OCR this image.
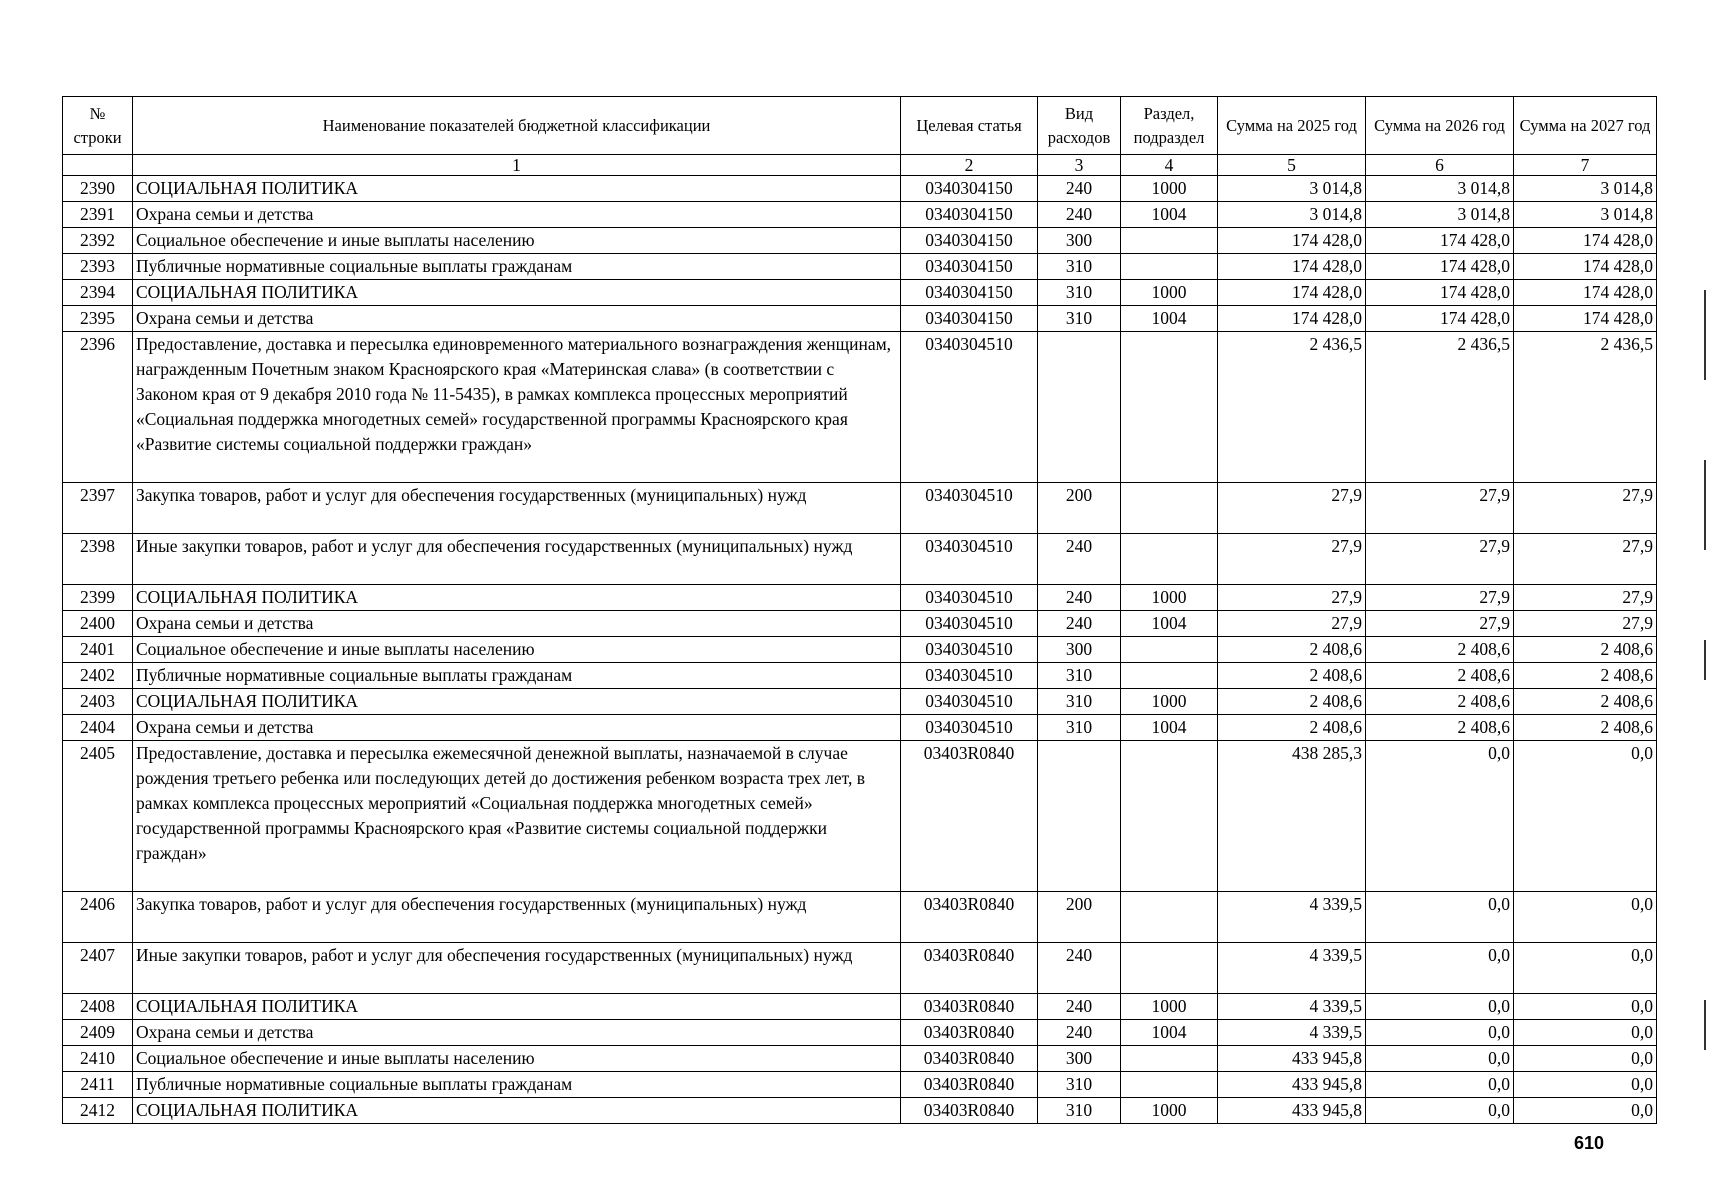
№ строки	Наименование показателей бюджетной классификации	Целевая статья	Вид расходов	Раздел, подраздел	Сумма на 2025 год	Сумма на 2026 год	Сумма на 2027 год
	1	2	3	4	5	6	7
2390	СОЦИАЛЬНАЯ ПОЛИТИКА	0340304150	240	1000	3 014,8	3 014,8	3 014,8
2391	Охрана семьи и детства	0340304150	240	1004	3 014,8	3 014,8	3 014,8
2392	Социальное обеспечение и иные выплаты населению	0340304150	300		174 428,0	174 428,0	174 428,0
2393	Публичные нормативные социальные выплаты гражданам	0340304150	310		174 428,0	174 428,0	174 428,0
2394	СОЦИАЛЬНАЯ ПОЛИТИКА	0340304150	310	1000	174 428,0	174 428,0	174 428,0
2395	Охрана семьи и детства	0340304150	310	1004	174 428,0	174 428,0	174 428,0
2396	Предоставление, доставка и пересылка единовременного материального вознаграждения женщинам, награжденным Почетным знаком Красноярского края «Материнская слава» (в соответствии с Законом края от 9 декабря 2010 года № 11-5435), в рамках комплекса процессных мероприятий «Социальная поддержка многодетных семей» государственной программы Красноярского края «Развитие системы социальной поддержки граждан»	0340304510			2 436,5	2 436,5	2 436,5
2397	Закупка товаров, работ и услуг для обеспечения государственных (муниципальных) нужд	0340304510	200		27,9	27,9	27,9
2398	Иные закупки товаров, работ и услуг для обеспечения государственных (муниципальных) нужд	0340304510	240		27,9	27,9	27,9
2399	СОЦИАЛЬНАЯ ПОЛИТИКА	0340304510	240	1000	27,9	27,9	27,9
2400	Охрана семьи и детства	0340304510	240	1004	27,9	27,9	27,9
2401	Социальное обеспечение и иные выплаты населению	0340304510	300		2 408,6	2 408,6	2 408,6
2402	Публичные нормативные социальные выплаты гражданам	0340304510	310		2 408,6	2 408,6	2 408,6
2403	СОЦИАЛЬНАЯ ПОЛИТИКА	0340304510	310	1000	2 408,6	2 408,6	2 408,6
2404	Охрана семьи и детства	0340304510	310	1004	2 408,6	2 408,6	2 408,6
2405	Предоставление, доставка и пересылка ежемесячной денежной выплаты, назначаемой в случае рождения третьего ребенка или последующих детей до достижения ребенком возраста трех лет, в рамках комплекса процессных мероприятий «Социальная поддержка многодетных семей» государственной программы Красноярского края «Развитие системы социальной поддержки граждан»	03403R0840			438 285,3	0,0	0,0
2406	Закупка товаров, работ и услуг для обеспечения государственных (муниципальных) нужд	03403R0840	200		4 339,5	0,0	0,0
2407	Иные закупки товаров, работ и услуг для обеспечения государственных (муниципальных) нужд	03403R0840	240		4 339,5	0,0	0,0
2408	СОЦИАЛЬНАЯ ПОЛИТИКА	03403R0840	240	1000	4 339,5	0,0	0,0
2409	Охрана семьи и детства	03403R0840	240	1004	4 339,5	0,0	0,0
2410	Социальное обеспечение и иные выплаты населению	03403R0840	300		433 945,8	0,0	0,0
2411	Публичные нормативные социальные выплаты гражданам	03403R0840	310		433 945,8	0,0	0,0
2412	СОЦИАЛЬНАЯ ПОЛИТИКА	03403R0840	310	1000	433 945,8	0,0	0,0
610
